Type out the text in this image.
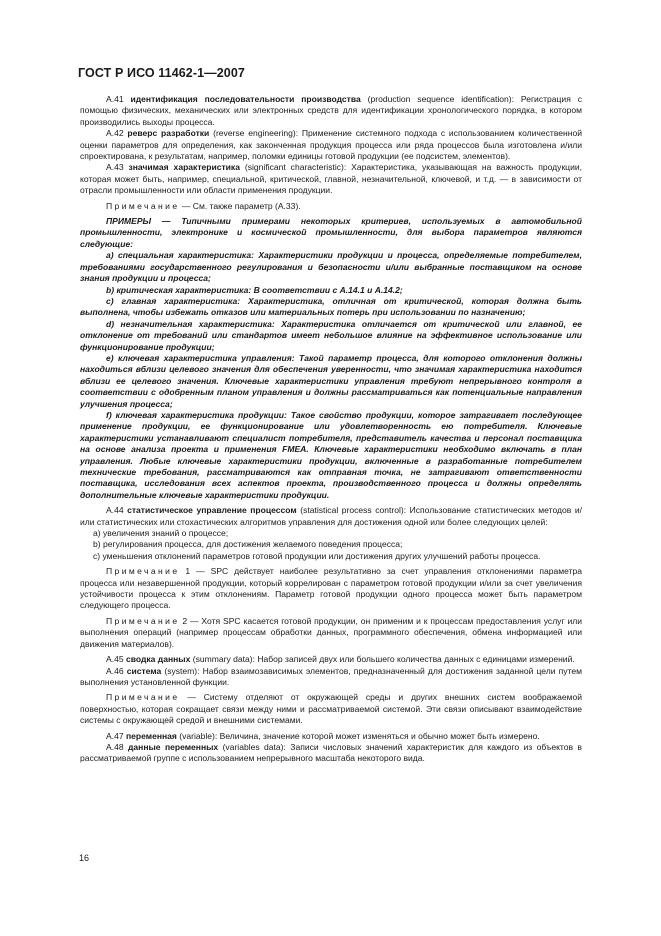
ГОСТ Р ИСО 11462-1—2007

А.41 идентификация последовательности производства (production sequence identification): Регистрация с помощью физических, механических или электронных средств для идентификации хронологического порядка, в котором производились выходы процесса.

А.42 реверс разработки (reverse engineering): Применение системного подхода с использованием количественной оценки параметров для определения, как законченная продукция процесса или ряда процессов была изготовлена и/или спроектирована, к результатам, например, поломки единицы готовой продукции (ее подсистем, элементов).

А.43 значимая характеристика (significant characteristic): Характеристика, указывающая на важность продукции, которая может быть, например, специальной, критической, главной, незначительной, ключевой, и т.д. — в зависимости от отрасли промышленности или области применения продукции.

Примечание — См. также параметр (А.33).

ПРИМЕРЫ — Типичными примерами некоторых критериев, используемых в автомобильной промышленности, электронике и космической промышленности, для выбора параметров являются следующие:

а) специальная характеристика: Характеристики продукции и процесса, определяемые потребителем, требованиями государственного регулирования и безопасности и/или выбранные поставщиком на основе знания продукции и процесса;

b) критическая характеристика: В соответствии с А.14.1 и А.14.2;

c) главная характеристика: Характеристика, отличная от критической, которая должна быть выполнена, чтобы избежать отказов или материальных потерь при использовании по назначению;

d) незначительная характеристика: Характеристика отличается от критической или главной, ее отклонение от требований или стандартов имеет небольшое влияние на эффективное использование или функционирование продукции;

e) ключевая характеристика управления: Такой параметр процесса, для которого отклонения должны находиться вблизи целевого значения для обеспечения уверенности, что значимая характеристика находится вблизи ее целевого значения. Ключевые характеристики управления требуют непрерывного контроля в соответствии с одобренным планом управления и должны рассматриваться как потенциальные направления улучшения процесса;

f) ключевая характеристика продукции: Такое свойство продукции, которое затрагивает последующее применение продукции, ее функционирование или удовлетворенность ею потребителя. Ключевые характеристики устанавливают специалист потребителя, представитель качества и персонал поставщика на основе анализа проекта и применения FMEA. Ключевые характеристики необходимо включать в план управления. Любые ключевые характеристики продукции, включенные в разработанные потребителем технические требования, рассматриваются как отправная точка, не затрагивают ответственности поставщика, исследования всех аспектов проекта, производственного процесса и должны определять дополнительные ключевые характеристики продукции.

А.44 статистическое управление процессом (statistical process control): Использование статистических методов и/или статистических или стохастических алгоритмов управления для достижения одной или более следующих целей:

a) увеличения знаний о процессе;

b) регулирования процесса, для достижения желаемого поведения процесса;

c) уменьшения отклонений параметров готовой продукции или достижения других улучшений работы процесса.

Примечание 1 — SPC действует наиболее результативно за счет управления отклонениями параметра процесса или незавершенной продукции, который коррелирован с параметром готовой продукции и/или за счет увеличения устойчивости процесса к этим отклонениям. Параметр готовой продукции одного процесса может быть параметром следующего процесса.

Примечание 2 — Хотя SPC касается готовой продукции, он применим и к процессам предоставления услуг или выполнения операций (например процессам обработки данных, программного обеспечения, обмена информацией или движения материалов).

А.45 сводка данных (summary data): Набор записей двух или большего количества данных с единицами измерений.

А.46 система (system): Набор взаимозависимых элементов, предназначенный для достижения заданной цели путем выполнения установленной функции.

Примечание — Систему отделяют от окружающей среды и других внешних систем воображаемой поверхностью, которая сокращает связи между ними и рассматриваемой системой. Эти связи описывают взаимодействие системы с окружающей средой и внешними системами.

А.47 переменная (variable): Величина, значение которой может изменяться и обычно может быть измерено.

А.48 данные переменных (variables data): Записи числовых значений характеристик для каждого из объектов в рассматриваемой группе с использованием непрерывного масштаба некоторого вида.

16
